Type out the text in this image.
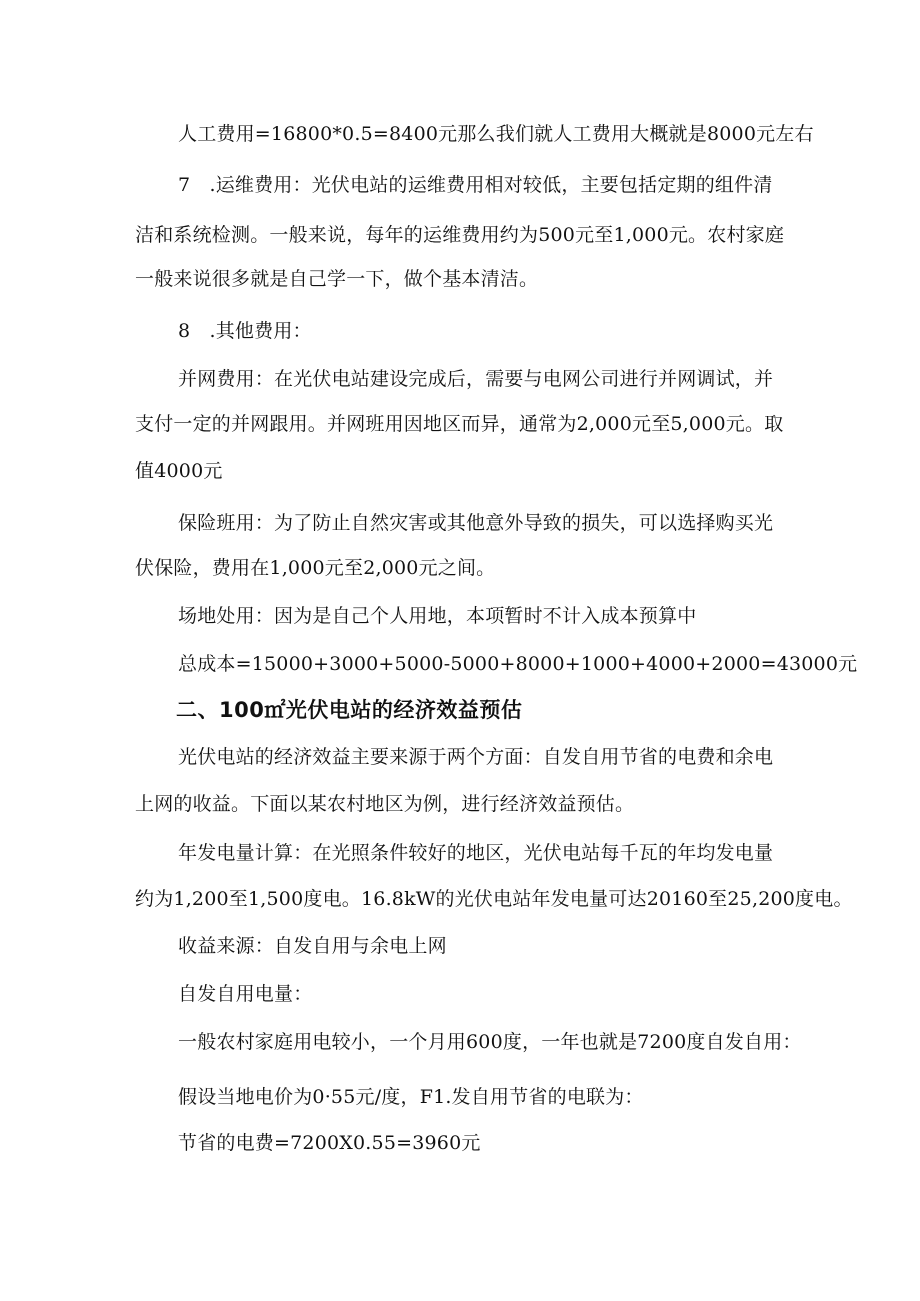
人工费用=16800*0.5=8400元那么我们就人工费用大概就是8000元左右
7　.运维费用：光伏电站的运维费用相对较低，主要包括定期的组件清
洁和系统检测。一般来说，每年的运维费用约为500元至1,000元。农村家庭
一般来说很多就是自己学一下，做个基本清洁。
8　.其他费用：
并网费用：在光伏电站建设完成后，需要与电网公司进行并网调试，并
支付一定的并网跟用。并网班用因地区而异，通常为2,000元至5,000元。取
值4000元
保险班用：为了防止自然灾害或其他意外导致的损失，可以选择购买光
伏保险，费用在1,000元至2,000元之间。
场地处用：因为是自己个人用地，本项暂时不计入成本预算中
总成本=15000+3000+5000-5000+8000+1000+4000+2000=43000元
二、100㎡光伏电站的经济效益预估
光伏电站的经济效益主要来源于两个方面：自发自用节省的电费和余电
上网的收益。下面以某农村地区为例，进行经济效益预估。
年发电量计算：在光照条件较好的地区，光伏电站每千瓦的年均发电量
约为1,200至1,500度电。16.8kW的光伏电站年发电量可达20160至25,200度电。
收益来源：自发自用与余电上网
自发自用电量：
一般农村家庭用电较小，一个月用600度，一年也就是7200度自发自用：
假设当地电价为0·55元/度，F1.发自用节省的电联为：
节省的电费=7200X0.55=3960元
